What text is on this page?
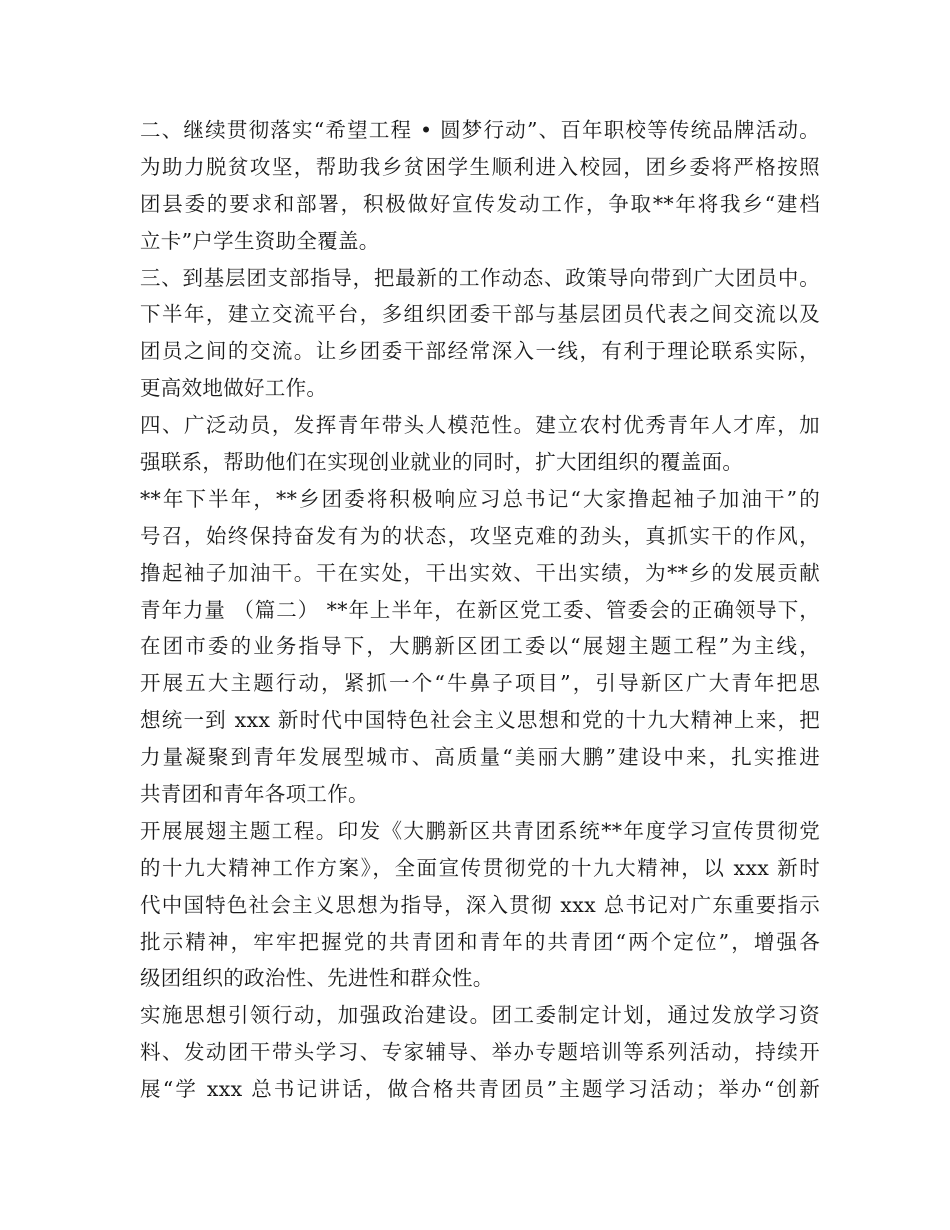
二、继续贯彻落实“希望工程 • 圆梦行动”、百年职校等传统品牌活动。
为助力脱贫攻坚，帮助我乡贫困学生顺利进入校园，团乡委将严格按照
团县委的要求和部署，积极做好宣传发动工作，争取**年将我乡“建档
立卡”户学生资助全覆盖。
三、到基层团支部指导，把最新的工作动态、政策导向带到广大团员中。
下半年，建立交流平台，多组织团委干部与基层团员代表之间交流以及
团员之间的交流。让乡团委干部经常深入一线，有利于理论联系实际，
更高效地做好工作。
四、广泛动员，发挥青年带头人模范性。建立农村优秀青年人才库，加
强联系，帮助他们在实现创业就业的同时，扩大团组织的覆盖面。
**年下半年，**乡团委将积极响应习总书记“大家撸起袖子加油干”的
号召，始终保持奋发有为的状态，攻坚克难的劲头，真抓实干的作风，
撸起袖子加油干。干在实处，干出实效、干出实绩，为**乡的发展贡献
青年力量 （篇二） **年上半年，在新区党工委、管委会的正确领导下，
在团市委的业务指导下，大鹏新区团工委以“展翅主题工程”为主线，
开展五大主题行动，紧抓一个“牛鼻子项目”，引导新区广大青年把思
想统一到 xxx 新时代中国特色社会主义思想和党的十九大精神上来，把
力量凝聚到青年发展型城市、高质量“美丽大鹏”建设中来，扎实推进
共青团和青年各项工作。
开展展翅主题工程。印发《大鹏新区共青团系统**年度学习宣传贯彻党
的十九大精神工作方案》，全面宣传贯彻党的十九大精神，以 xxx 新时
代中国特色社会主义思想为指导，深入贯彻 xxx 总书记对广东重要指示
批示精神，牢牢把握党的共青团和青年的共青团“两个定位”，增强各
级团组织的政治性、先进性和群众性。
实施思想引领行动，加强政治建设。团工委制定计划，通过发放学习资
料、发动团干带头学习、专家辅导、举办专题培训等系列活动，持续开
展“学 xxx 总书记讲话，做合格共青团员”主题学习活动；举办“创新
